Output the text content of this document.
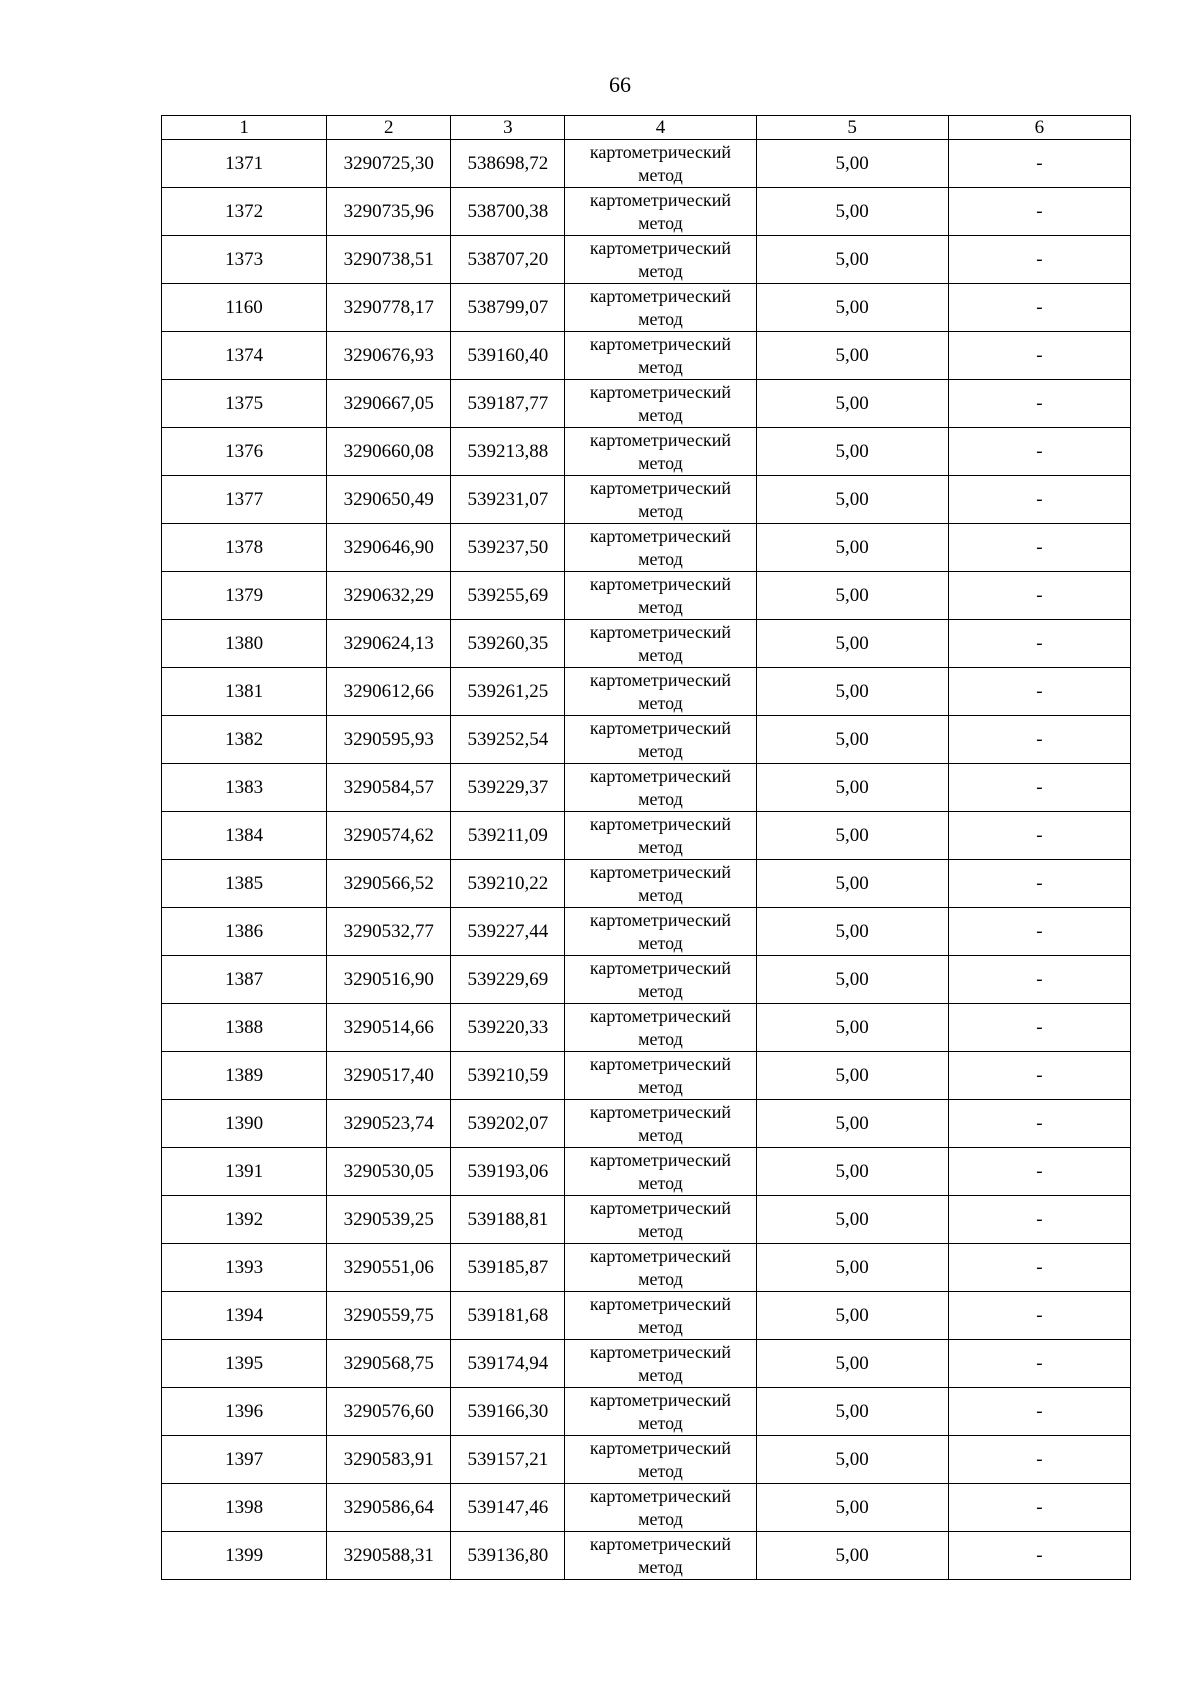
66
1	2	3	4	5	6
1371	3290725,30	538698,72	картометрический метод	5,00	-
1372	3290735,96	538700,38	картометрический метод	5,00	-
1373	3290738,51	538707,20	картометрический метод	5,00	-
1160	3290778,17	538799,07	картометрический метод	5,00	-
1374	3290676,93	539160,40	картометрический метод	5,00	-
1375	3290667,05	539187,77	картометрический метод	5,00	-
1376	3290660,08	539213,88	картометрический метод	5,00	-
1377	3290650,49	539231,07	картометрический метод	5,00	-
1378	3290646,90	539237,50	картометрический метод	5,00	-
1379	3290632,29	539255,69	картометрический метод	5,00	-
1380	3290624,13	539260,35	картометрический метод	5,00	-
1381	3290612,66	539261,25	картометрический метод	5,00	-
1382	3290595,93	539252,54	картометрический метод	5,00	-
1383	3290584,57	539229,37	картометрический метод	5,00	-
1384	3290574,62	539211,09	картометрический метод	5,00	-
1385	3290566,52	539210,22	картометрический метод	5,00	-
1386	3290532,77	539227,44	картометрический метод	5,00	-
1387	3290516,90	539229,69	картометрический метод	5,00	-
1388	3290514,66	539220,33	картометрический метод	5,00	-
1389	3290517,40	539210,59	картометрический метод	5,00	-
1390	3290523,74	539202,07	картометрический метод	5,00	-
1391	3290530,05	539193,06	картометрический метод	5,00	-
1392	3290539,25	539188,81	картометрический метод	5,00	-
1393	3290551,06	539185,87	картометрический метод	5,00	-
1394	3290559,75	539181,68	картометрический метод	5,00	-
1395	3290568,75	539174,94	картометрический метод	5,00	-
1396	3290576,60	539166,30	картометрический метод	5,00	-
1397	3290583,91	539157,21	картометрический метод	5,00	-
1398	3290586,64	539147,46	картометрический метод	5,00	-
1399	3290588,31	539136,80	картометрический метод	5,00	-
